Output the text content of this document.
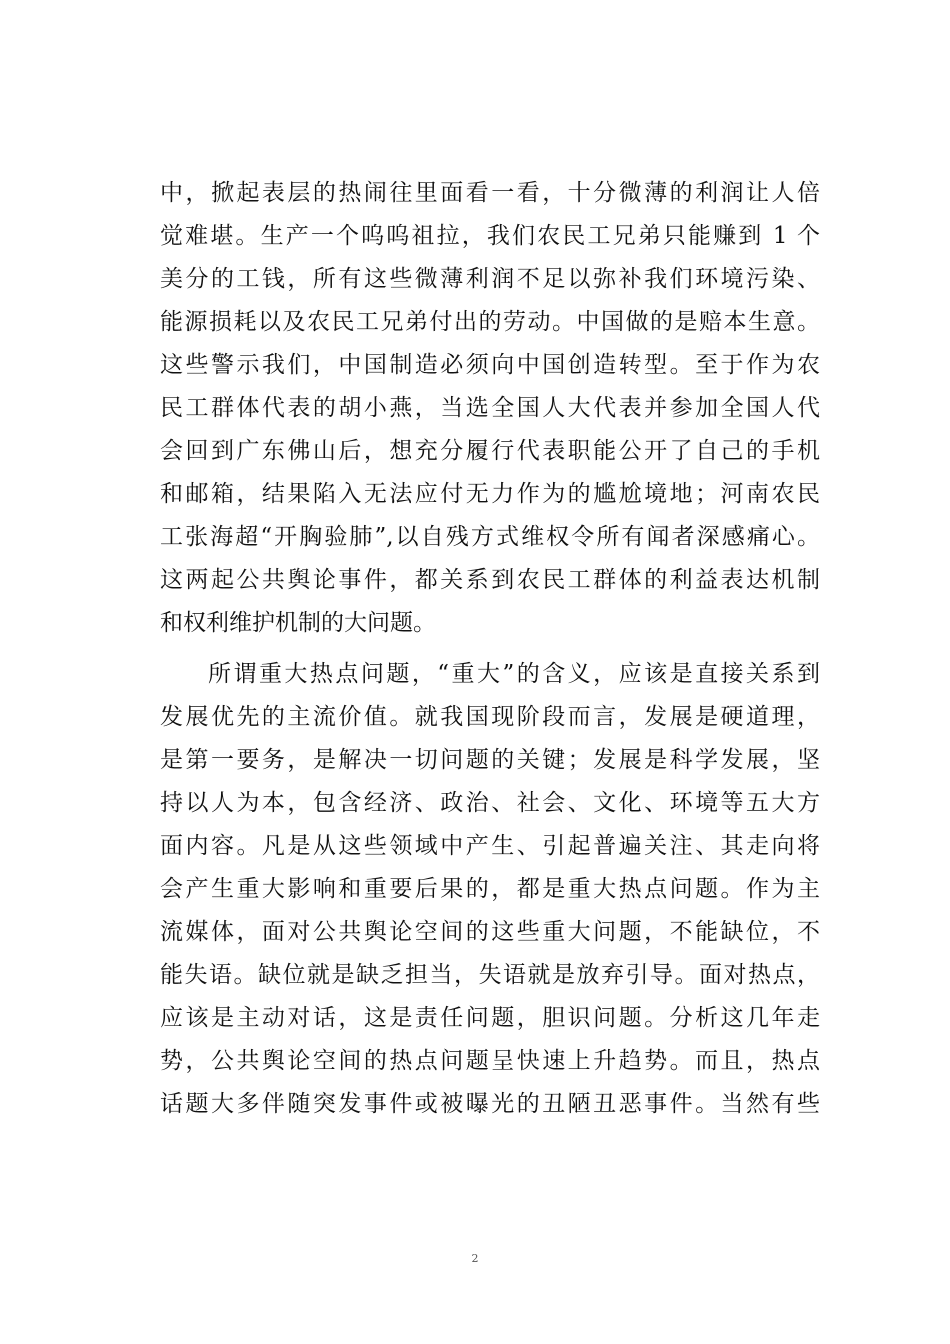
中，掀起表层的热闹往里面看一看，十分微薄的利润让人倍
觉难堪。生产一个呜呜祖拉，我们农民工兄弟只能赚到 1 个
美分的工钱，所有这些微薄利润不足以弥补我们环境污染、
能源损耗以及农民工兄弟付出的劳动。中国做的是赔本生意。
这些警示我们，中国制造必须向中国创造转型。至于作为农
民工群体代表的胡小燕，当选全国人大代表并参加全国人代
会回到广东佛山后，想充分履行代表职能公开了自己的手机
和邮箱，结果陷入无法应付无力作为的尴尬境地；河南农民
工张海超“开胸验肺”,以自残方式维权令所有闻者深感痛心。
这两起公共舆论事件，都关系到农民工群体的利益表达机制
和权利维护机制的大问题。
所谓重大热点问题，“重大”的含义，应该是直接关系到
发展优先的主流价值。就我国现阶段而言，发展是硬道理，
是第一要务，是解决一切问题的关键；发展是科学发展，坚
持以人为本，包含经济、政治、社会、文化、环境等五大方
面内容。凡是从这些领域中产生、引起普遍关注、其走向将
会产生重大影响和重要后果的，都是重大热点问题。作为主
流媒体，面对公共舆论空间的这些重大问题，不能缺位，不
能失语。缺位就是缺乏担当，失语就是放弃引导。面对热点，
应该是主动对话，这是责任问题，胆识问题。分析这几年走
势，公共舆论空间的热点问题呈快速上升趋势。而且，热点
话题大多伴随突发事件或被曝光的丑陋丑恶事件。当然有些
2
